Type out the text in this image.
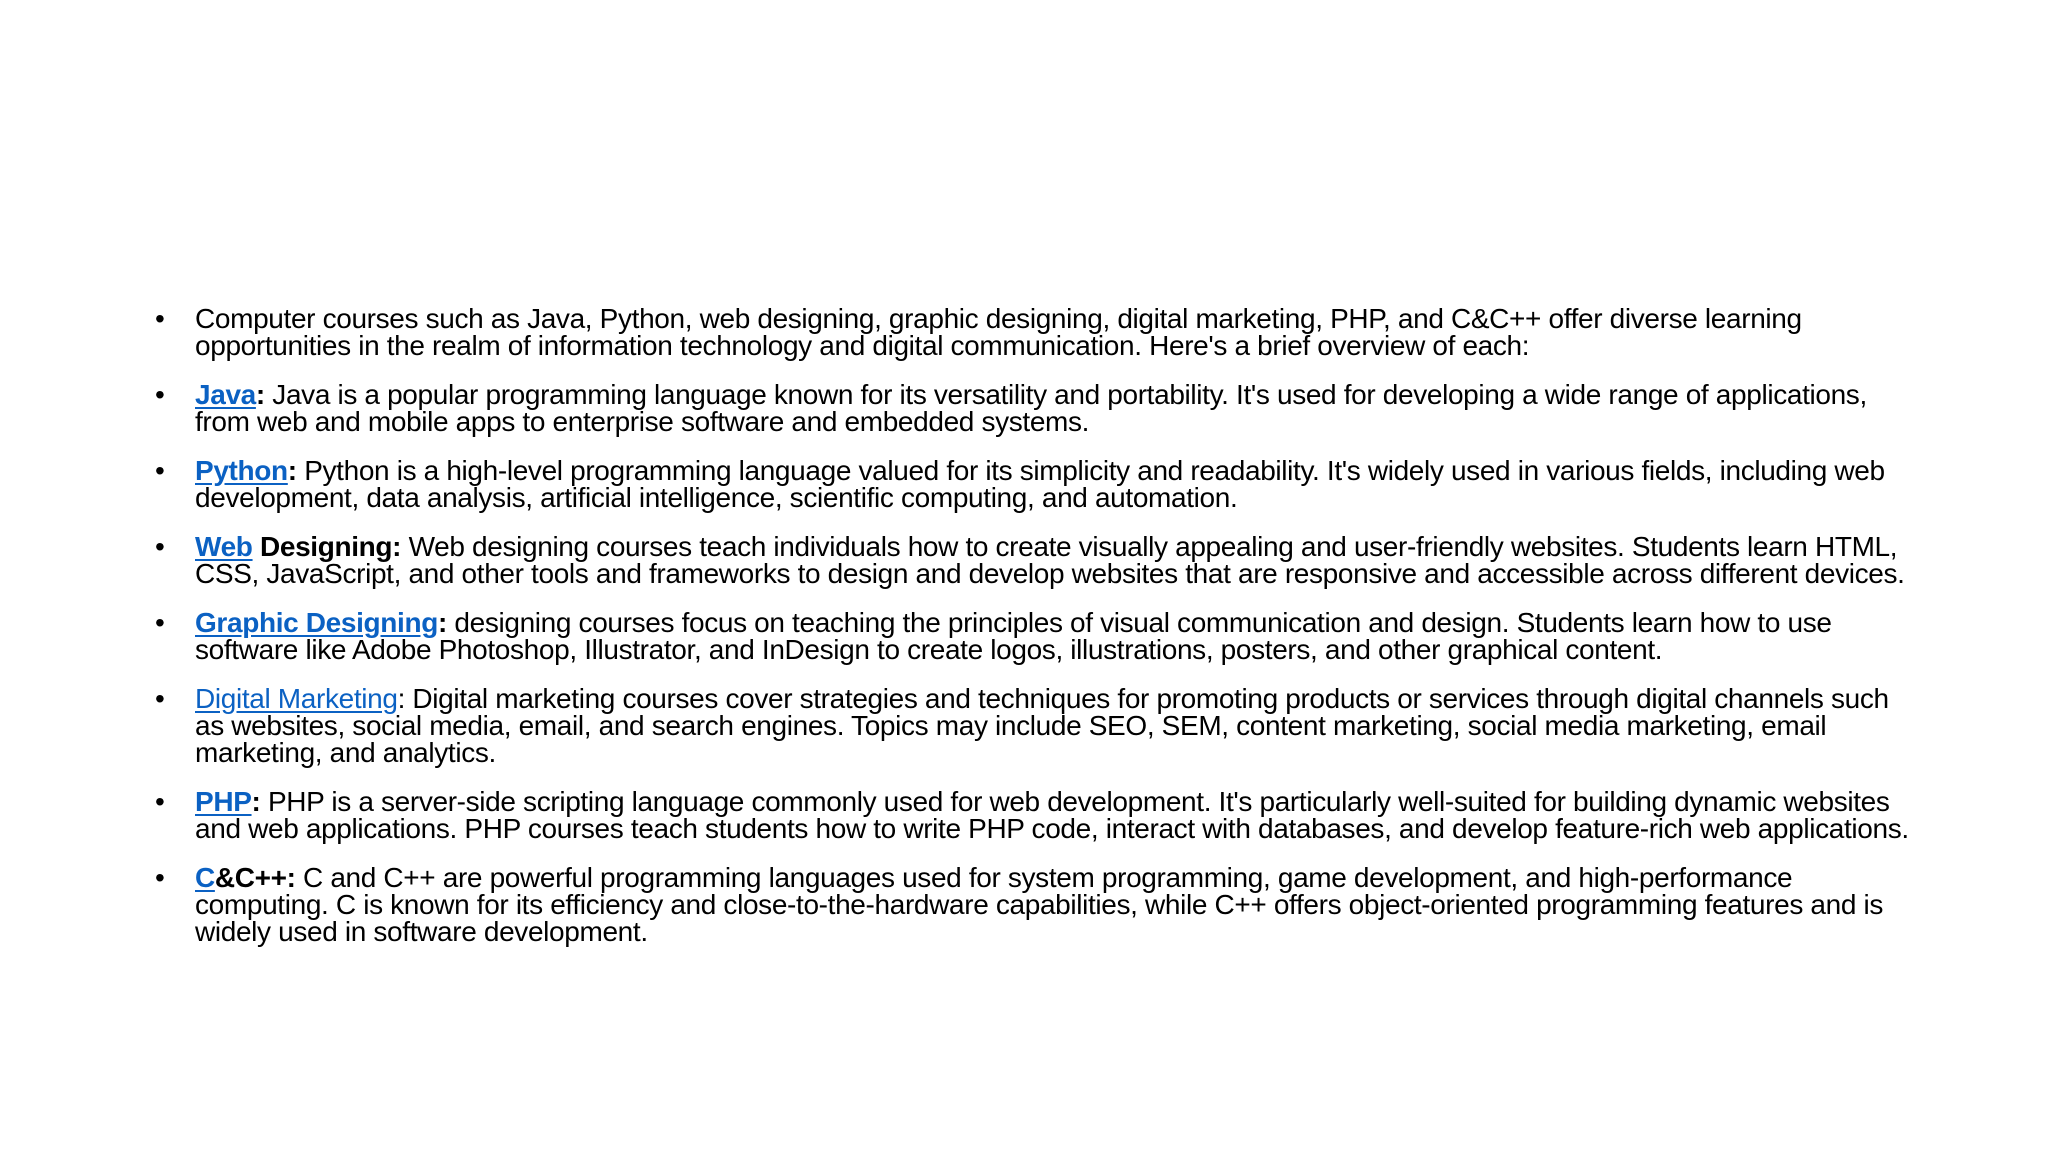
• Computer courses such as Java, Python, web designing, graphic designing, digital marketing, PHP, and C&C++ offer diverse learning opportunities in the realm of information technology and digital communication. Here's a brief overview of each:
• Java: Java is a popular programming language known for its versatility and portability. It's used for developing a wide range of applications, from web and mobile apps to enterprise software and embedded systems.
• Python: Python is a high-level programming language valued for its simplicity and readability. It's widely used in various fields, including web development, data analysis, artificial intelligence, scientific computing, and automation.
• Web Designing: Web designing courses teach individuals how to create visually appealing and user-friendly websites. Students learn HTML, CSS, JavaScript, and other tools and frameworks to design and develop websites that are responsive and accessible across different devices.
• Graphic Designing: designing courses focus on teaching the principles of visual communication and design. Students learn how to use software like Adobe Photoshop, Illustrator, and InDesign to create logos, illustrations, posters, and other graphical content.
• Digital Marketing: Digital marketing courses cover strategies and techniques for promoting products or services through digital channels such as websites, social media, email, and search engines. Topics may include SEO, SEM, content marketing, social media marketing, email marketing, and analytics.
• PHP: PHP is a server-side scripting language commonly used for web development. It's particularly well-suited for building dynamic websites and web applications. PHP courses teach students how to write PHP code, interact with databases, and develop feature-rich web applications.
• C&C++: C and C++ are powerful programming languages used for system programming, game development, and high-performance computing. C is known for its efficiency and close-to-the-hardware capabilities, while C++ offers object-oriented programming features and is widely used in software development.
